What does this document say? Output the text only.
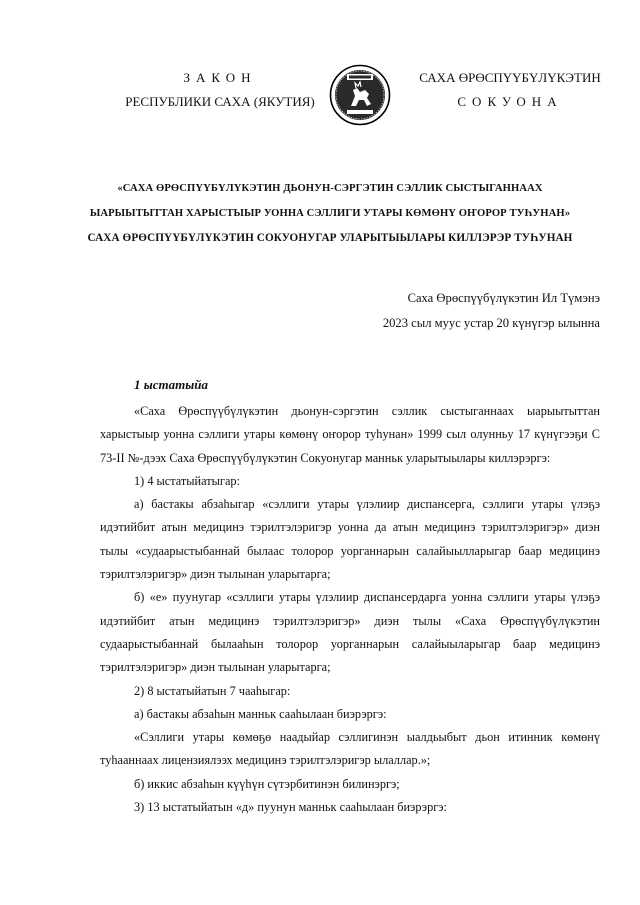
ЗАКОН
РЕСПУБЛИКИ САХА (ЯКУТИЯ)
САХА ӨРӨСПҮҮБҮЛҮКЭТИН
СОКУОНА
«САХА ӨРӨСПҮҮБҮЛҮКЭТИН ДЬОНУН-СЭРГЭТИН СЭЛЛИК СЫСТЫГАННААХ
ЫАРЫЫТЫТТАН ХАРЫСТЫЫР УОННА СЭЛЛИГИ УТАРЫ КӨМӨНҮ ОҤОРОР ТУҺУНАН»
САХА ӨРӨСПҮҮБҮЛҮКЭТИН СОКУОНУГАР УЛАРЫТЫЫЛАРЫ КИЛЛЭРЭР ТУҺУНАН
Саха Өрөспүүбүлүкэтин Ил Түмэнэ
2023 сыл муус устар 20 күнүгэр ылынна
1 ыстатыйа

«Саха Өрөспүүбүлүкэтин дьонун-сэргэтин сэллик сыстыганнаах ыарыытыттан харыстыыр уонна сэллиги утары көмөнү оҥорор туһунан» 1999 сыл олунньу 17 күнүгээҕи С 73-II №-дээх Саха Өрөспүүбүлүкэтин Сокуонугар манньк уларытыылары киллэрэргэ:

1) 4 ыстатыйатыгар:

а) бастакы абзаһыгар «сэллиги утары үлэлиир диспансерга, сэллиги утары үлэҕэ идэтийбит атын медицинэ тэрилтэлэригэр уонна да атын медицинэ тэрилтэлэригэр» диэн тылы «судаарыстыбаннай былаас толорор уорганнарын салайыылларыгар баар медицинэ тэрилтэлэригэр» диэн тылынан уларытарга;

б) «е» пуунугар «сэллиги утары үлэлиир диспансердарга уонна сэллиги утары үлэҕэ идэтийбит атын медицинэ тэрилтэлэригэр» диэн тылы «Саха Өрөспүүбүлүкэтин судаарыстыбаннай былааһын толорор уорганнарын салайыыларыгар баар медицинэ тэрилтэлэригэр» диэн тылынан уларытарга;

2) 8 ыстатыйатын 7 чааһыгар:

а) бастакы абзаһын манньк сааһылаан биэрэргэ:

«Сэллиги утары көмөҕө наадыйар сэллигинэн ыалдьыбыт дьон итинник көмөнү туһааннаах лицензиялээх медицинэ тэрилтэлэригэр ылаллар.»;

б) иккис абзаһын күүһүн сүтэрбитинэн билинэргэ;

3) 13 ыстатыйатын «д» пуунун манньк сааһылаан биэрэргэ:
